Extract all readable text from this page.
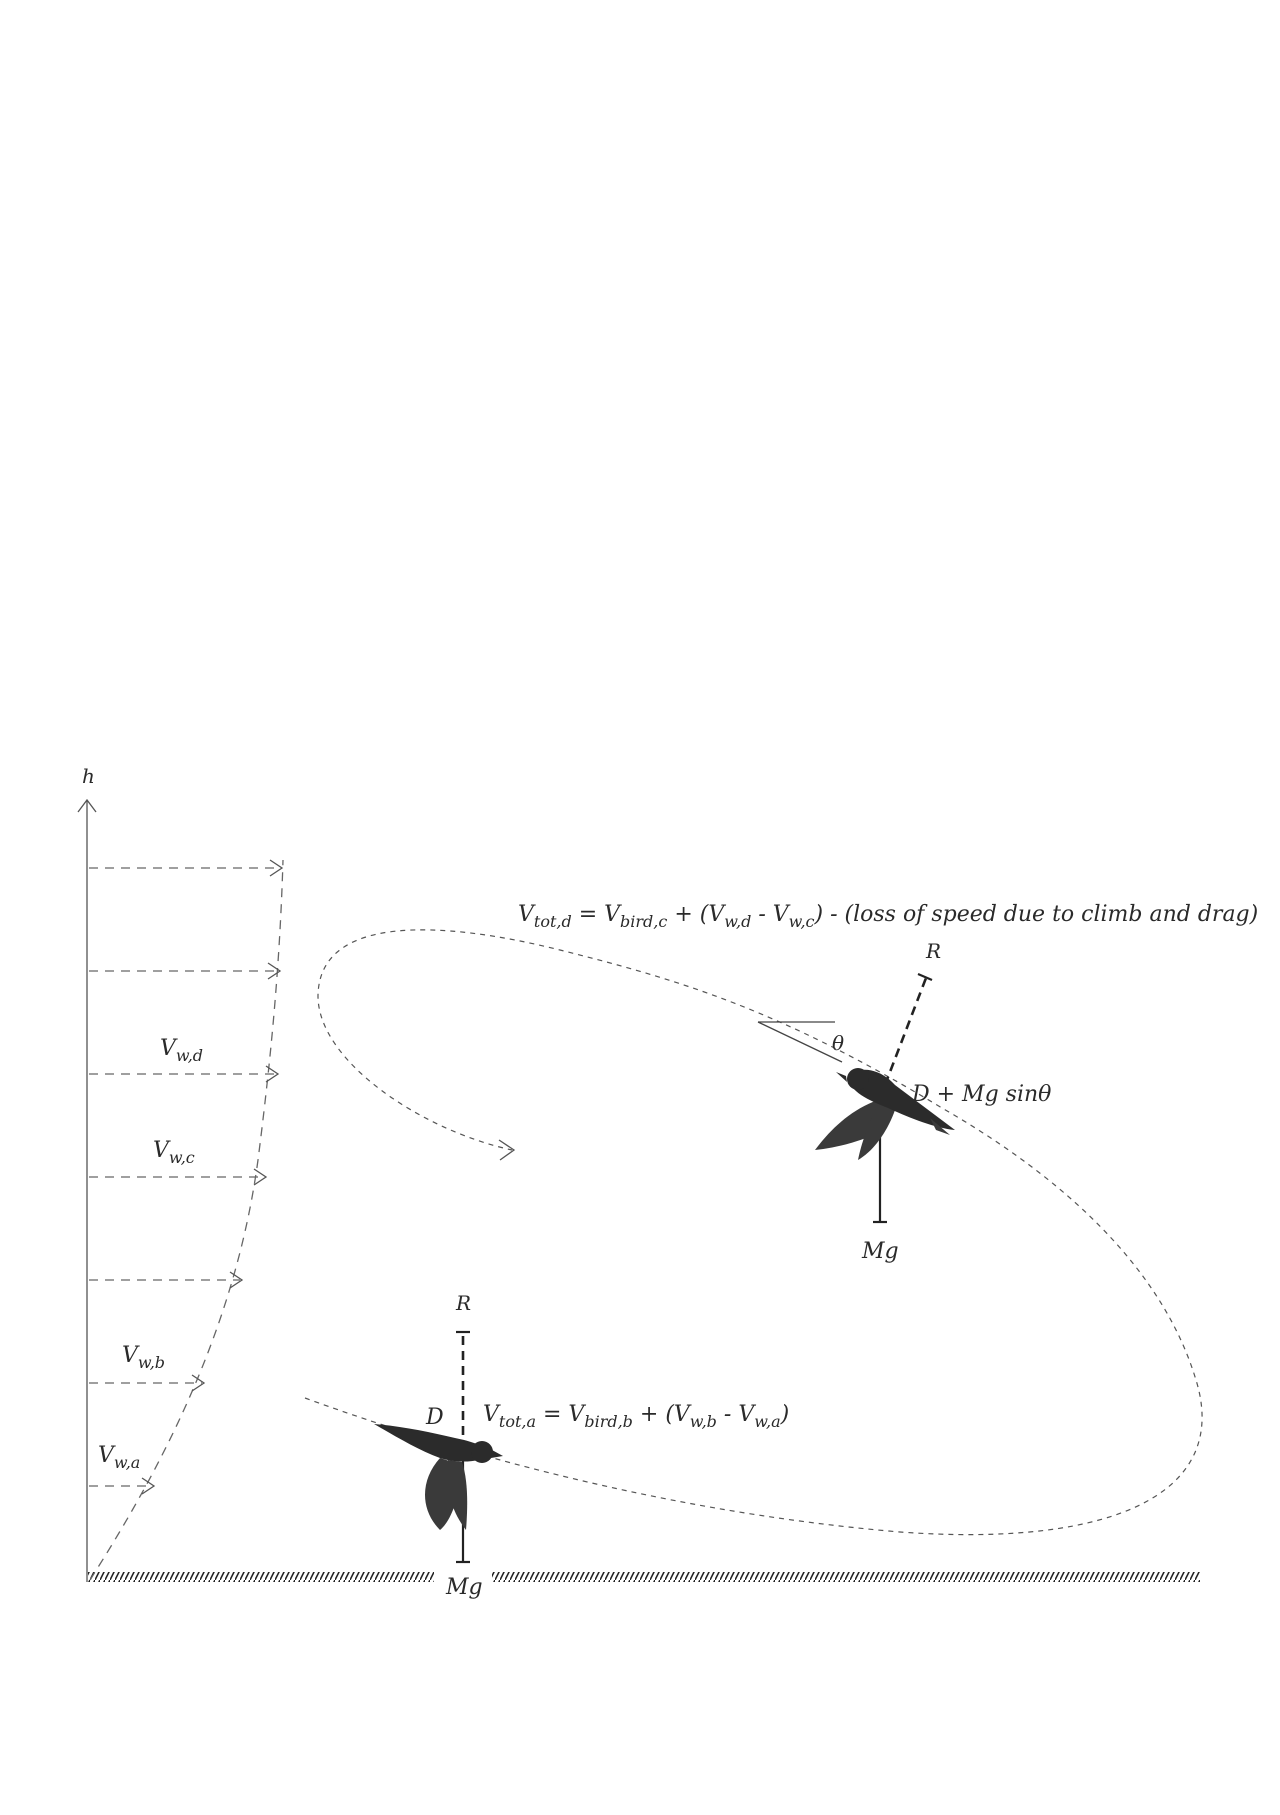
h
Vw,d
Vw,c
Vw,b
Vw,a
Vtot,d = Vbird,c + (Vw,d - Vw,c) - (loss of speed due to climb and drag)
θ
R
Mg
D + Mg sinθ
Vtot,a = Vbird,b + (Vw,b - Vw,a)
R
Mg
D
